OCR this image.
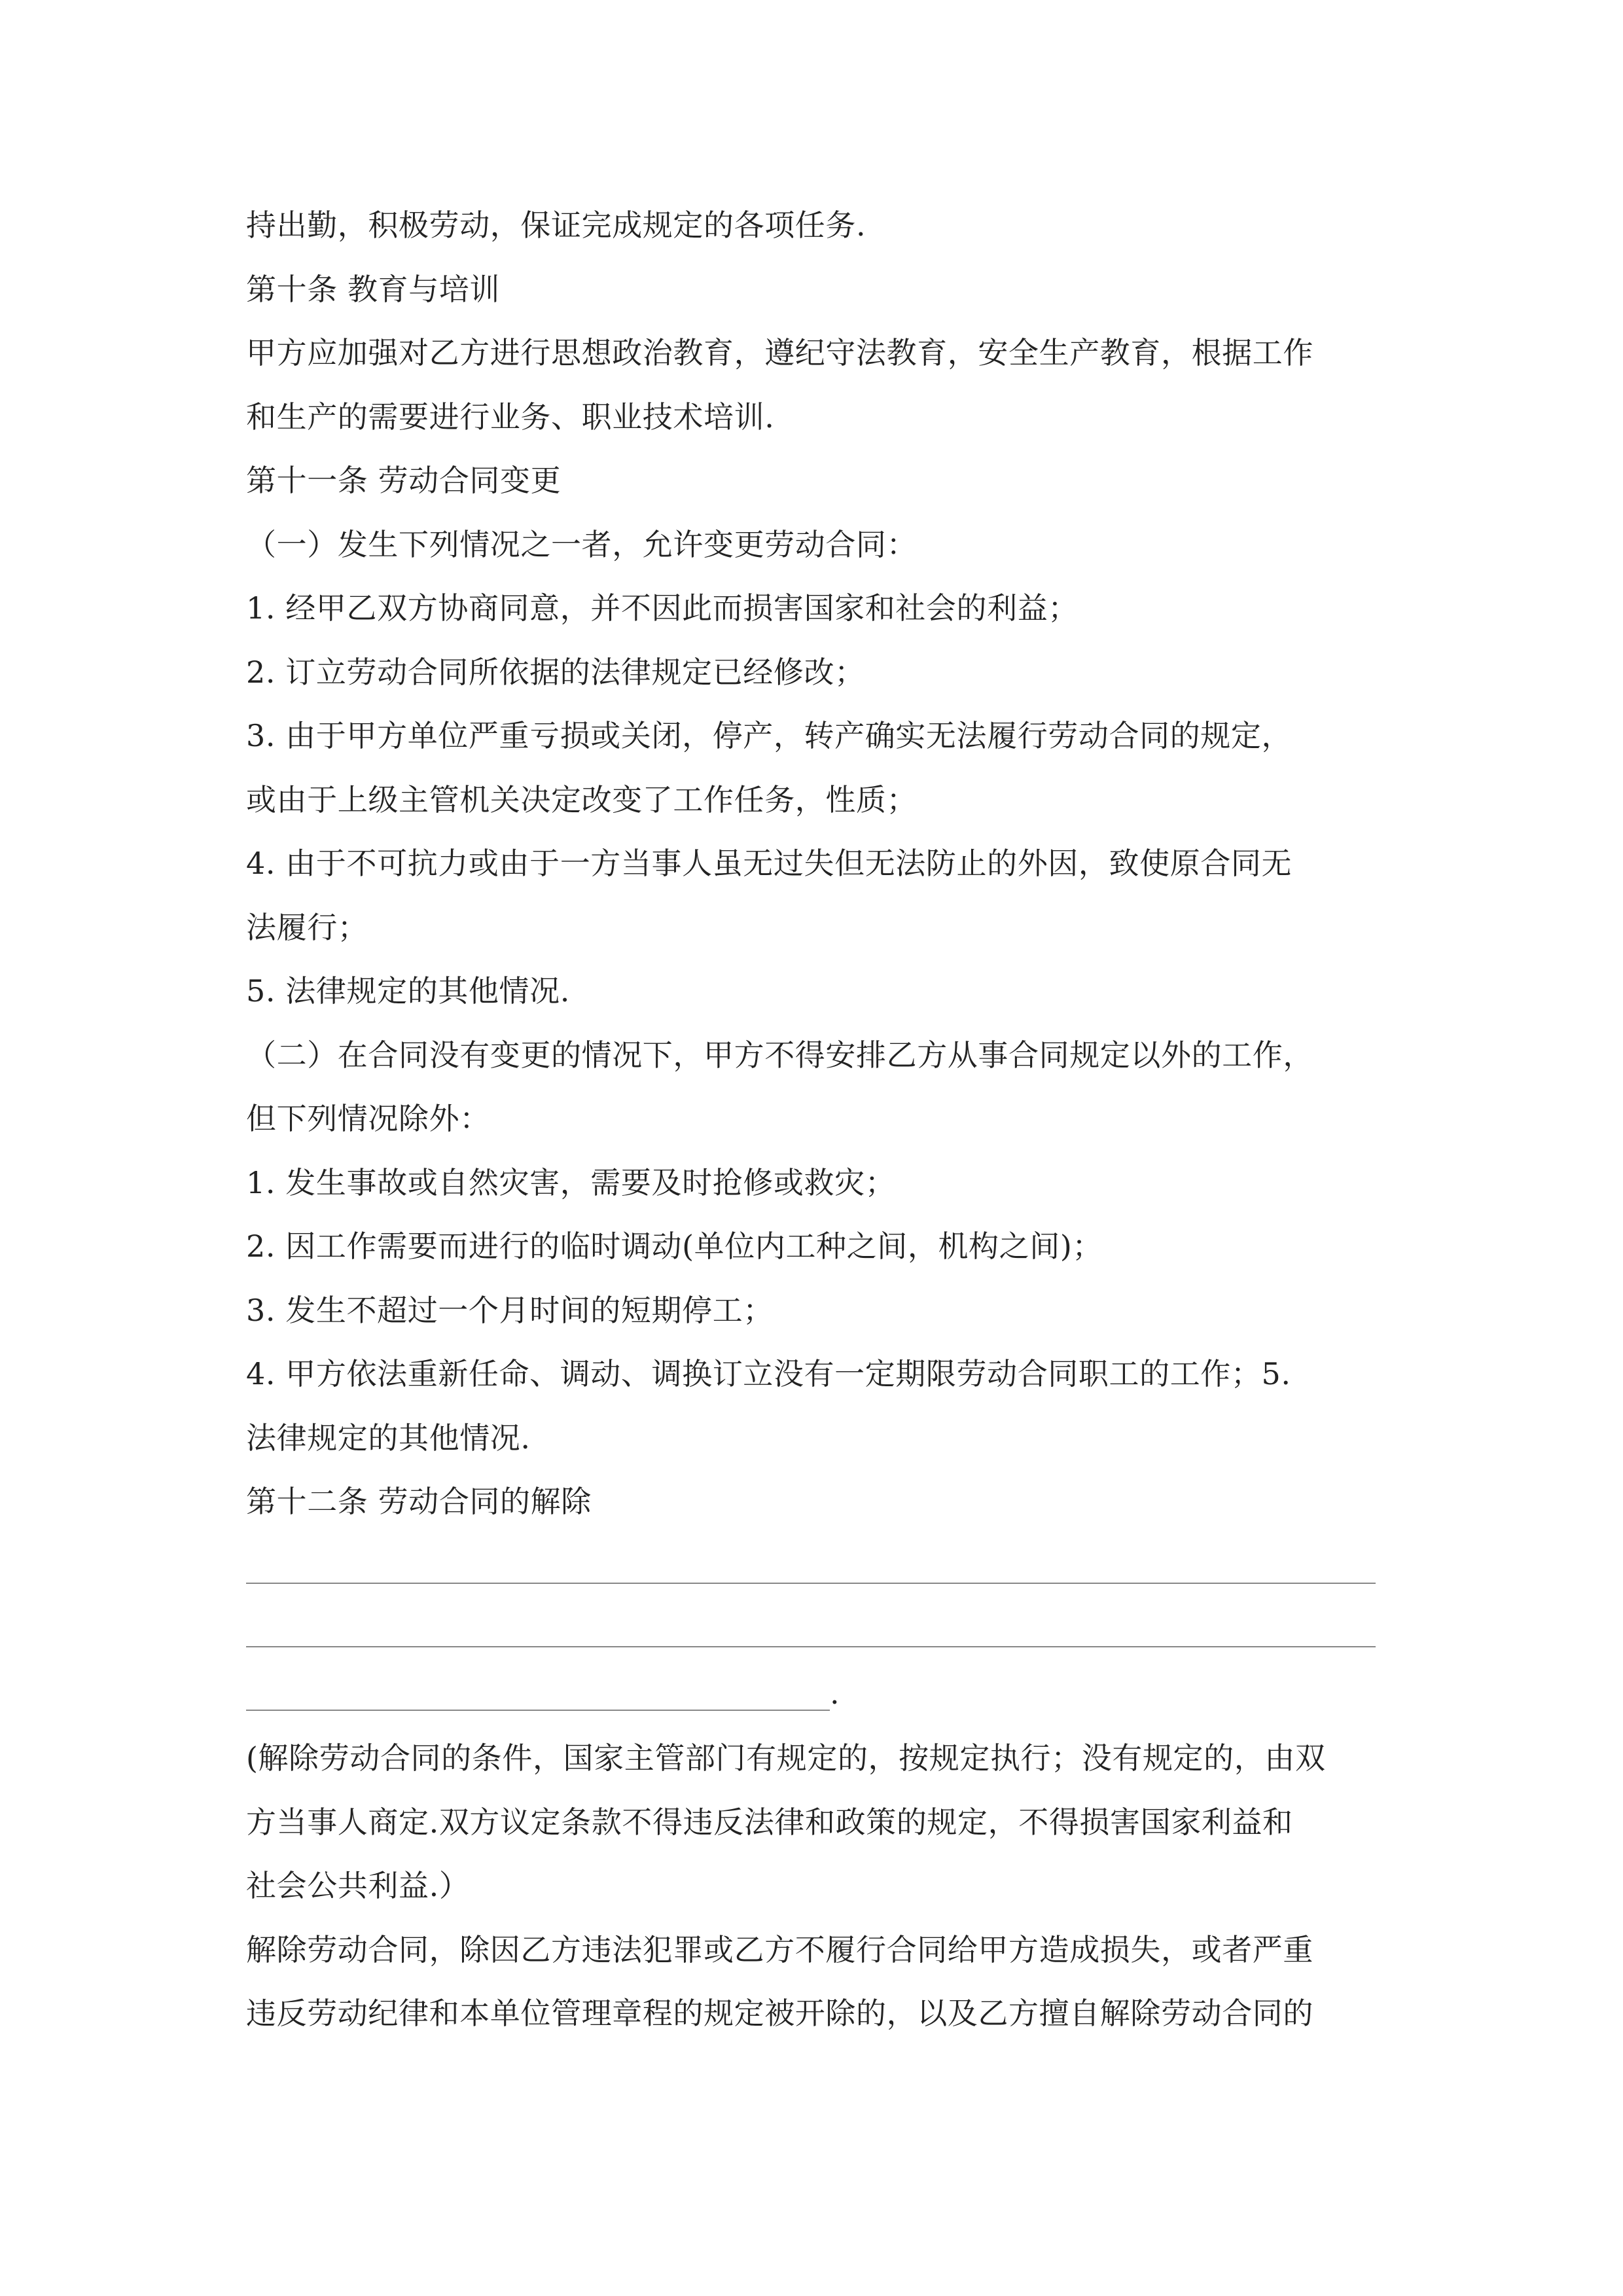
持出勤，积极劳动，保证完成规定的各项任务.
第十条 教育与培训
甲方应加强对乙方进行思想政治教育，遵纪守法教育，安全生产教育，根据工作
和生产的需要进行业务、职业技术培训.
第十一条 劳动合同变更
（一）发生下列情况之一者，允许变更劳动合同：
1. 经甲乙双方协商同意，并不因此而损害国家和社会的利益；
2. 订立劳动合同所依据的法律规定已经修改；
3. 由于甲方单位严重亏损或关闭，停产，转产确实无法履行劳动合同的规定，
或由于上级主管机关决定改变了工作任务，性质；
4. 由于不可抗力或由于一方当事人虽无过失但无法防止的外因，致使原合同无
法履行；
5. 法律规定的其他情况.
（二）在合同没有变更的情况下，甲方不得安排乙方从事合同规定以外的工作，
但下列情况除外：
1. 发生事故或自然灾害，需要及时抢修或救灾；
2. 因工作需要而进行的临时调动(单位内工种之间，机构之间)；
3. 发生不超过一个月时间的短期停工；
4. 甲方依法重新任命、调动、调换订立没有一定期限劳动合同职工的工作；5.
法律规定的其他情况.
第十二条 劳动合同的解除
.
(解除劳动合同的条件，国家主管部门有规定的，按规定执行；没有规定的，由双
方当事人商定.双方议定条款不得违反法律和政策的规定，不得损害国家利益和
社会公共利益.）
解除劳动合同，除因乙方违法犯罪或乙方不履行合同给甲方造成损失，或者严重
违反劳动纪律和本单位管理章程的规定被开除的，以及乙方擅自解除劳动合同的
